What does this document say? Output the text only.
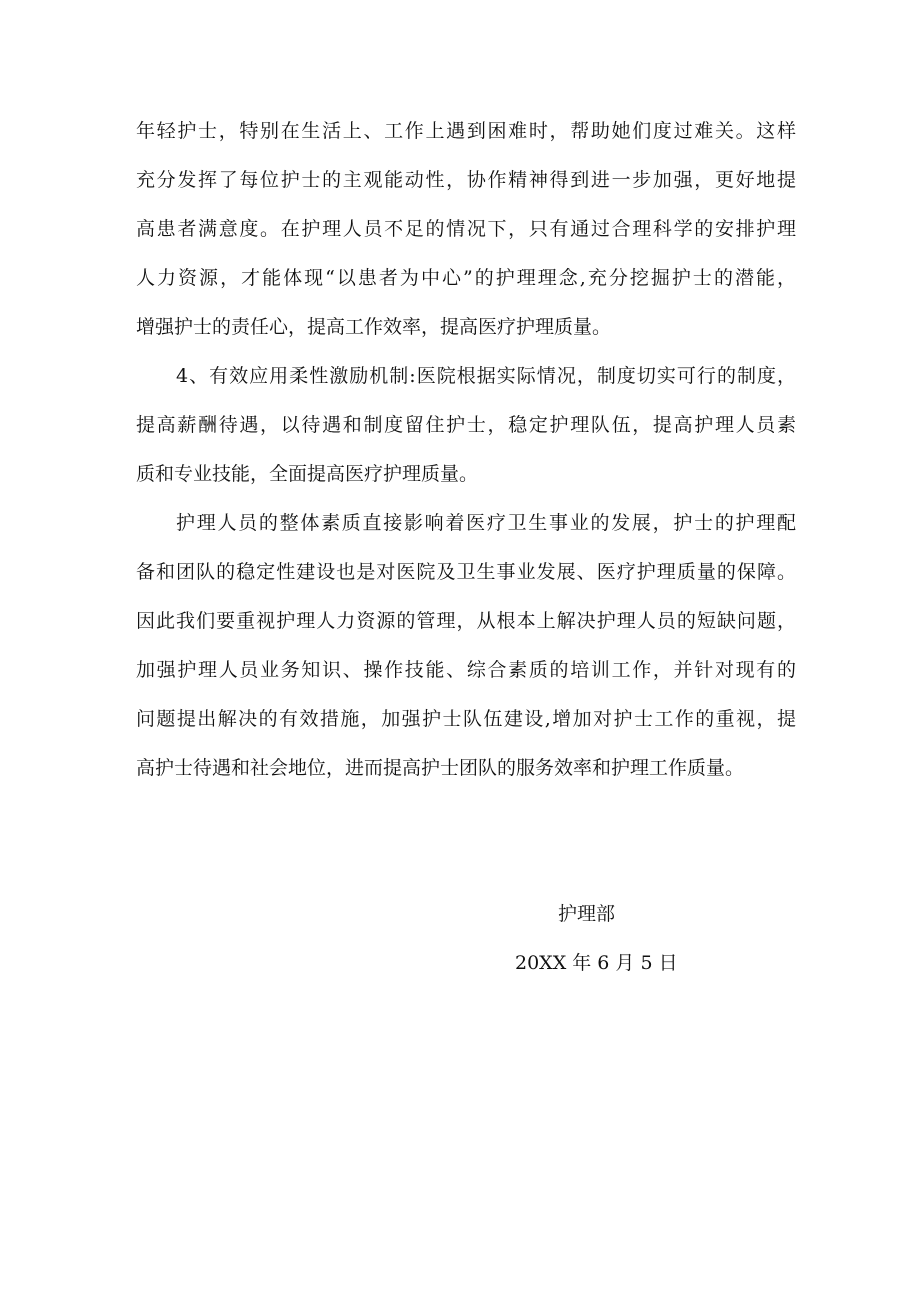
年轻护士，特别在生活上、工作上遇到困难时，帮助她们度过难关。这样
充分发挥了每位护士的主观能动性，协作精神得到进一步加强，更好地提
高患者满意度。在护理人员不足的情况下，只有通过合理科学的安排护理
人力资源，才能体现“以患者为中心”的护理理念,充分挖掘护士的潜能，
增强护士的责任心，提高工作效率，提高医疗护理质量。
4、有效应用柔性激励机制:医院根据实际情况，制度切实可行的制度，
提高薪酬待遇，以待遇和制度留住护士，稳定护理队伍，提高护理人员素
质和专业技能，全面提高医疗护理质量。
护理人员的整体素质直接影响着医疗卫生事业的发展，护士的护理配
备和团队的稳定性建设也是对医院及卫生事业发展、医疗护理质量的保障。
因此我们要重视护理人力资源的管理，从根本上解决护理人员的短缺问题，
加强护理人员业务知识、操作技能、综合素质的培训工作，并针对现有的
问题提出解决的有效措施，加强护士队伍建设,增加对护士工作的重视，提
高护士待遇和社会地位，进而提高护士团队的服务效率和护理工作质量。
护理部
20XX 年 6 月 5 日
